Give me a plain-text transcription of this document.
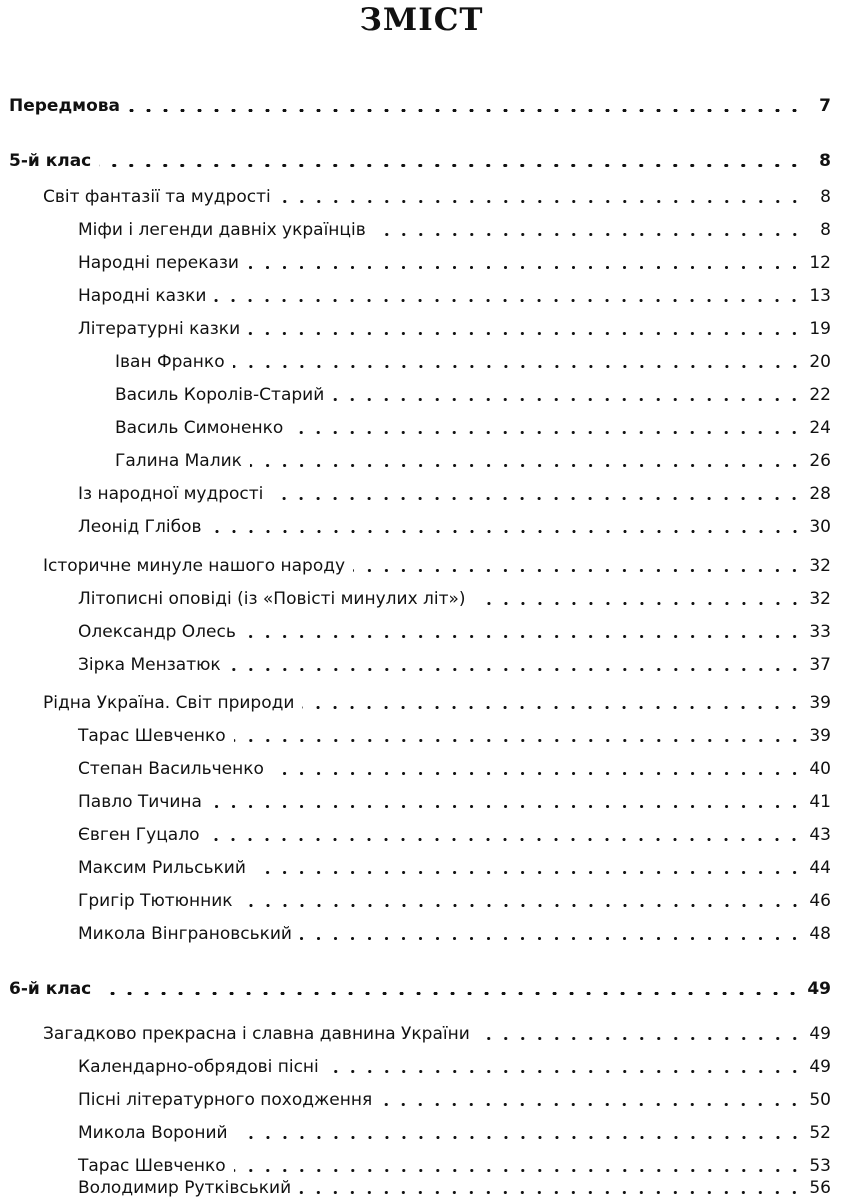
ЗМІСТ
Передмова	7
5-й клас	8
Світ фантазії та мудрості	8
Міфи і легенди давніх українців	8
Народні перекази	12
Народні казки	13
Літературні казки	19
Іван Франко	20
Василь Королів-Старий	22
Василь Симоненко	24
Галина Малик	26
Із народної мудрості	28
Леонід Глібов	30
Історичне минуле нашого народу	32
Літописні оповіді (із «Повісті минулих літ»)	32
Олександр Олесь	33
Зірка Мензатюк	37
Рідна Україна. Світ природи	39
Тарас Шевченко	39
Степан Васильченко	40
Павло Тичина	41
Євген Гуцало	43
Максим Рильський	44
Григір Тютюнник	46
Микола Вінграновський	48
6-й клас	49
Загадково прекрасна і славна давнина України	49
Календарно-обрядові пісні	49
Пісні літературного походження	50
Микола Вороний	52
Тарас Шевченко	53
Володимир Рутківський	56
